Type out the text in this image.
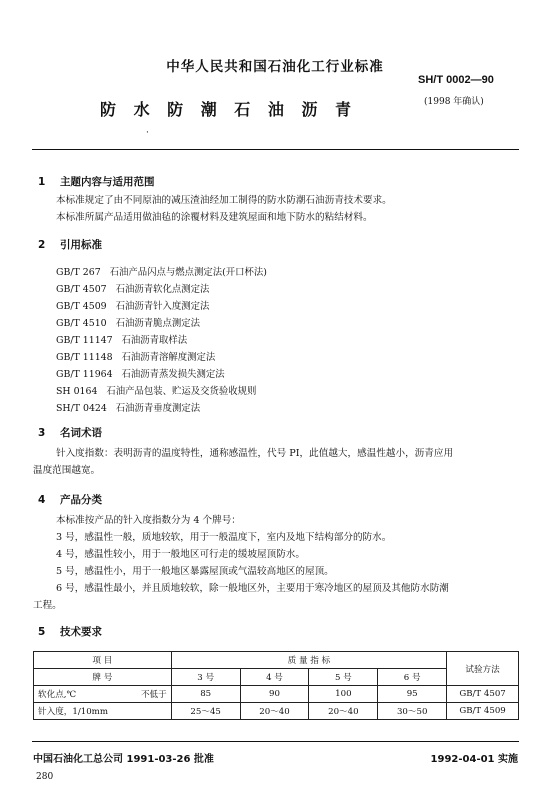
中华人民共和国石油化工行业标准
SH/T 0002—90
(1998 年确认)
防 水 防 潮 石 油 沥 青
·
1 主题内容与适用范围
本标准规定了由不同原油的减压渣油经加工制得的防水防潮石油沥青技术要求。
本标准所属产品适用做油毡的涂覆材料及建筑屋面和地下防水的粘结材料。
2 引用标准
GB/T 267   石油产品闪点与燃点测定法(开口杯法)
GB/T 4507   石油沥青软化点测定法
GB/T 4509   石油沥青针入度测定法
GB/T 4510   石油沥青脆点测定法
GB/T 11147   石油沥青取样法
GB/T 11148   石油沥青溶解度测定法
GB/T 11964   石油沥青蒸发损失测定法
SH 0164   石油产品包装、贮运及交货验收规则
SH/T 0424   石油沥青垂度测定法
3 名词术语
针入度指数：表明沥青的温度特性，通称感温性，代号 PI，此值越大，感温性越小，沥青应用
温度范围越宽。
4 产品分类
本标准按产品的针入度指数分为 4 个牌号：
3 号，感温性一般，质地较软，用于一般温度下，室内及地下结构部分的防水。
4 号，感温性较小，用于一般地区可行走的缓坡屋顶防水。
5 号，感温性小，用于一般地区暴露屋顶或气温较高地区的屋顶。
6 号，感温性最小，并且质地较软，除一般地区外，主要用于寒冷地区的屋顶及其他防水防潮
工程。
5 技术要求
项 目	质 量 指 标				试验方法
牌 号	3 号	4 号	5 号	6 号	
软化点,℃ 不低于	85	90	100	95	GB/T 4507
针入度，1/10mm	25～45	20～40	20～40	30～50	GB/T 4509
中国石油化工总公司 1991-03-26 批准	1992-04-01 实施
280
